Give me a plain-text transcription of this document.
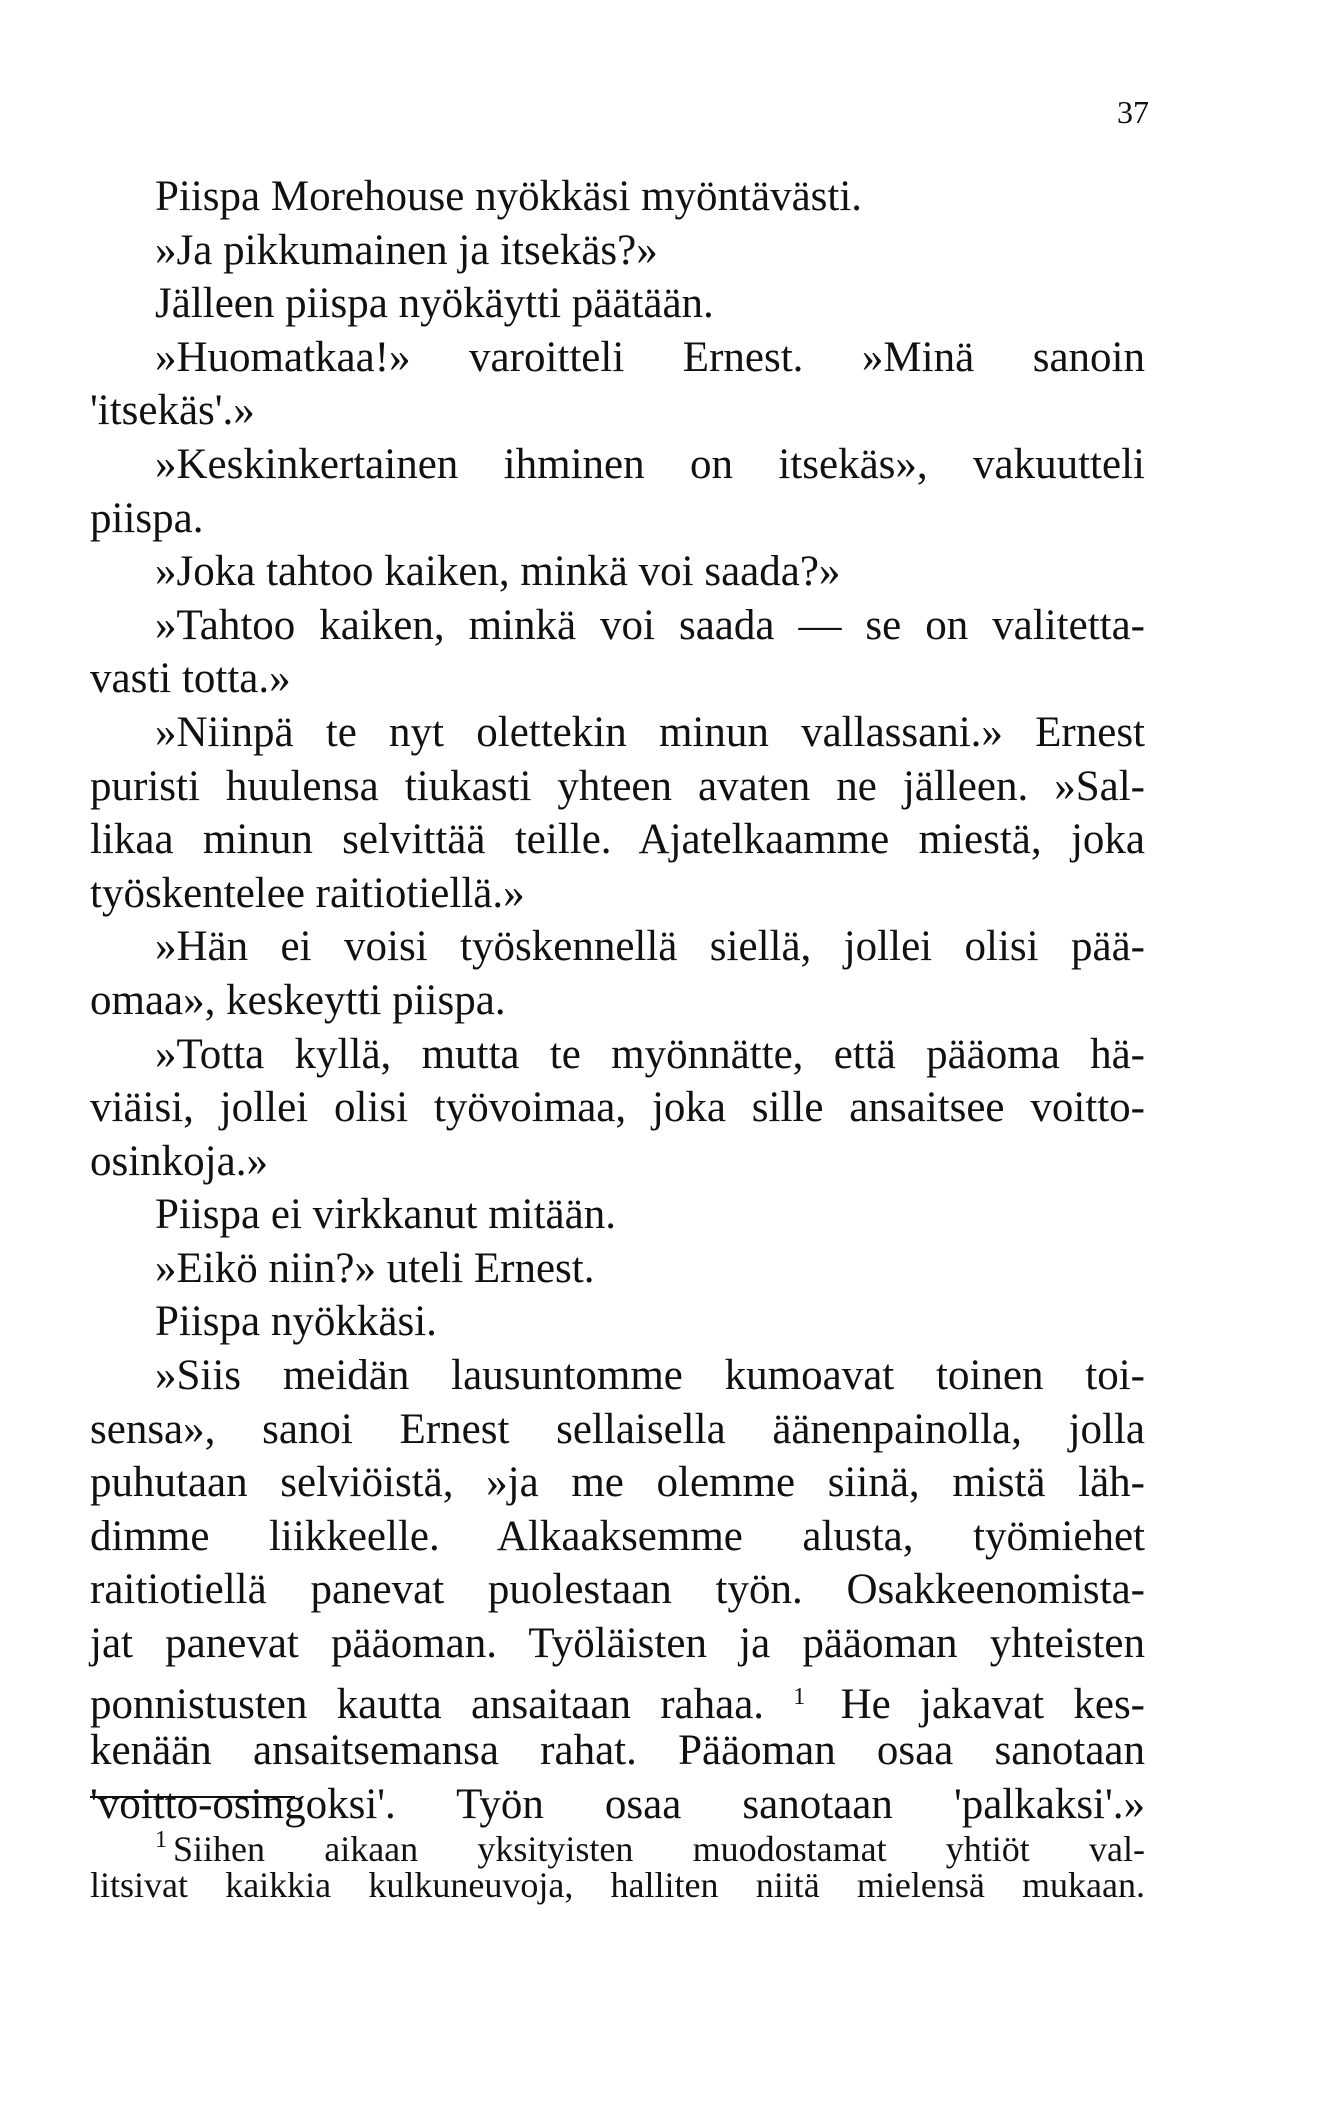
37
Piispa Morehouse nyökkäsi myöntävästi.
»Ja pikkumainen ja itsekäs?»
Jälleen piispa nyökäytti päätään.
»Huomatkaa!» varoitteli Ernest. »Minä sanoin
'itsekäs'.»
»Keskinkertainen ihminen on itsekäs», vakuutteli
piispa.
»Joka tahtoo kaiken, minkä voi saada?»
»Tahtoo kaiken, minkä voi saada — se on valitetta-
vasti totta.»
»Niinpä te nyt olettekin minun vallassani.» Ernest
puristi huulensa tiukasti yhteen avaten ne jälleen. »Sal-
likaa minun selvittää teille. Ajatelkaamme miestä, joka
työskentelee raitiotiellä.»
»Hän ei voisi työskennellä siellä, jollei olisi pää-
omaa», keskeytti piispa.
»Totta kyllä, mutta te myönnätte, että pääoma hä-
viäisi, jollei olisi työvoimaa, joka sille ansaitsee voitto-
osinkoja.»
Piispa ei virkkanut mitään.
»Eikö niin?» uteli Ernest.
Piispa nyökkäsi.
»Siis meidän lausuntomme kumoavat toinen toi-
sensa», sanoi Ernest sellaisella äänenpainolla, jolla
puhutaan selviöistä, »ja me olemme siinä, mistä läh-
dimme liikkeelle. Alkaaksemme alusta, työmiehet
raitiotiellä panevat puolestaan työn. Osakkeenomista-
jat panevat pääoman. Työläisten ja pääoman yhteisten
ponnistusten kautta ansaitaan rahaa. $^1$ He jakavat kes-
kenään ansaitsemansa rahat. Pääoman osaa sanotaan
'voitto-osingoksi'. Työn osaa sanotaan 'palkaksi'.»
$^1$ Siihen aikaan yksityisten muodostamat yhtiöt val-
litsivat kaikkia kulkuneuvoja, halliten niitä mielensä mukaan.
